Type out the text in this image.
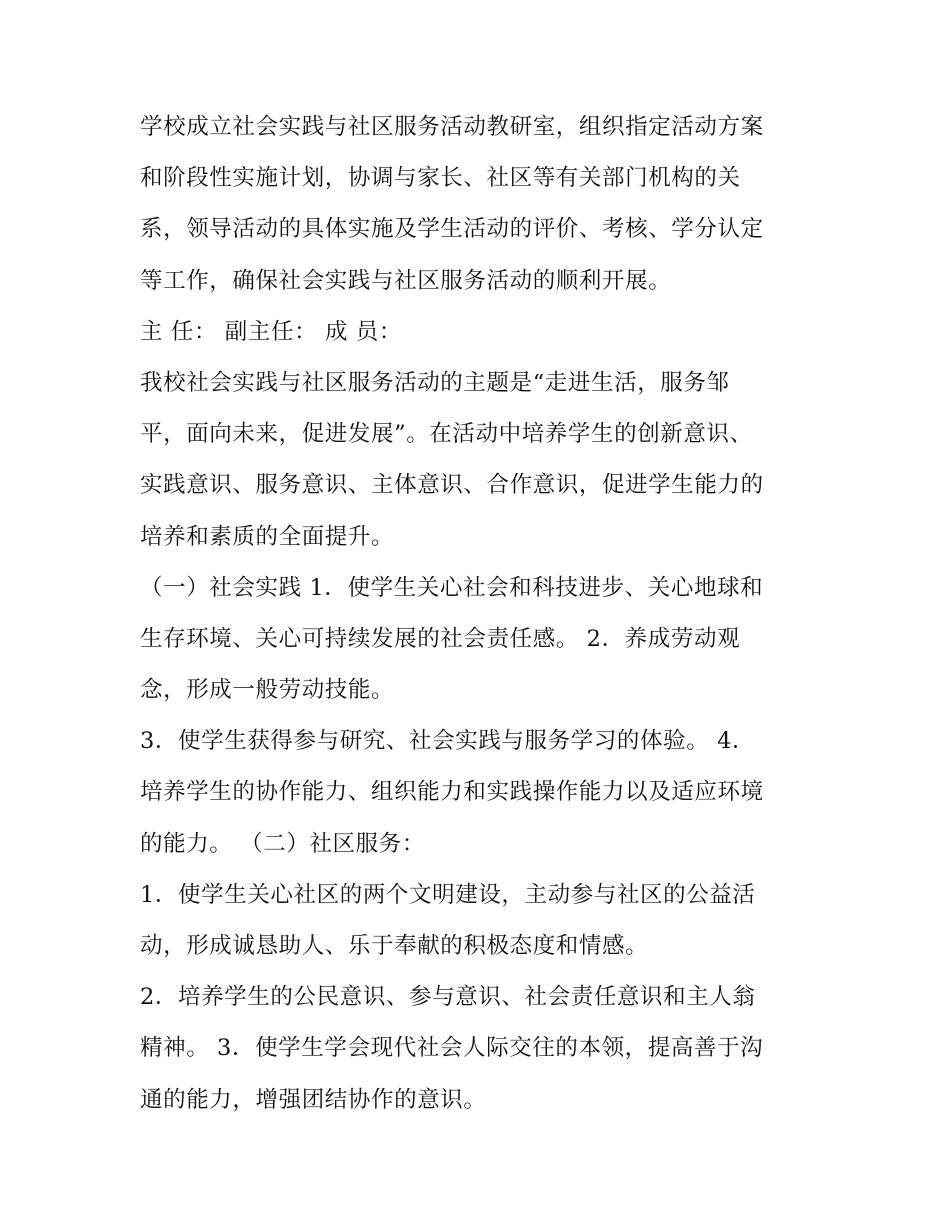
学校成立社会实践与社区服务活动教研室，组织指定活动方案
和阶段性实施计划，协调与家长、社区等有关部门机构的关
系，领导活动的具体实施及学生活动的评价、考核、学分认定
等工作，确保社会实践与社区服务活动的顺利开展。
主 任： 副主任： 成 员：
我校社会实践与社区服务活动的主题是“走进生活，服务邹
平，面向未来，促进发展”。在活动中培养学生的创新意识、
实践意识、服务意识、主体意识、合作意识，促进学生能力的
培养和素质的全面提升。
（一）社会实践 1．使学生关心社会和科技进步、关心地球和
生存环境、关心可持续发展的社会责任感。 2．养成劳动观
念，形成一般劳动技能。
3．使学生获得参与研究、社会实践与服务学习的体验。 4．
培养学生的协作能力、组织能力和实践操作能力以及适应环境
的能力。 （二）社区服务：
1．使学生关心社区的两个文明建设，主动参与社区的公益活
动，形成诚恳助人、乐于奉献的积极态度和情感。
2．培养学生的公民意识、参与意识、社会责任意识和主人翁
精神。 3．使学生学会现代社会人际交往的本领，提高善于沟
通的能力，增强团结协作的意识。
